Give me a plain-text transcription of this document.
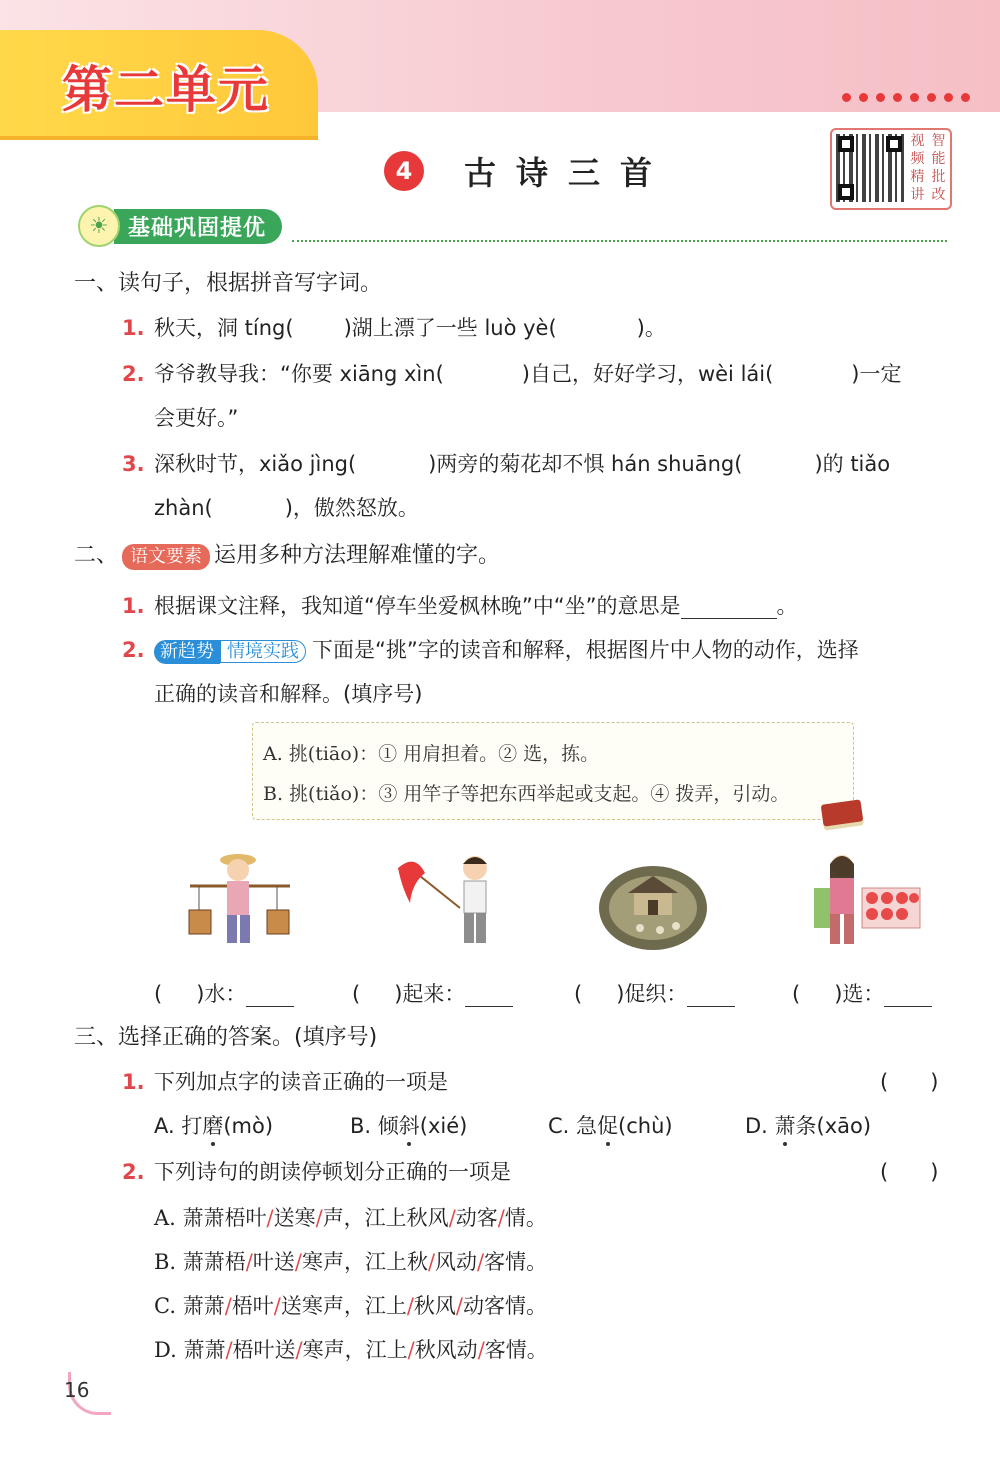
第二单元
4	古诗三首
视 智
频 能
精 批
讲 改
☀ 基础巩固提优
一、读句子，根据拼音写字词。
1. 秋天，洞 tíng( )湖上漂了一些 luò yè(	)。
2. 爷爷教导我：“你要 xiāng xìn(	)自己，好好学习，wèi lái(	)一定
会更好。”
3. 深秋时节，xiǎo jìng(	)两旁的菊花却不惧 hán shuāng(	)的 tiǎo
zhàn(	)，傲然怒放。
二、 语文要素 运用多种方法理解难懂的字。
1. 根据课文注释，我知道“停车坐爱枫林晚”中“坐”的意思是	。
2. 新趋势 情境实践 下面是“挑”字的读音和解释，根据图片中人物的动作，选择
正确的读音和解释。(填序号)
A. 挑(tiāo)：① 用肩担着。② 选，拣。
B. 挑(tiǎo)：③ 用竿子等把东西举起或支起。④ 拨弄，引动。
( )水：	( )起来：	( )促织：	( )选：
三、选择正确的答案。(填序号)
1. 下列加点字的读音正确的一项是	(　　)
A. 打磨(mò)	B. 倾斜(xié)	C. 急促(chù)	D. 萧条(xāo)
2. 下列诗句的朗读停顿划分正确的一项是	(　　)
A. 萧萧梧叶/送寒/声，江上秋风/动客/情。
B. 萧萧梧/叶送/寒声，江上秋/风动/客情。
C. 萧萧/梧叶/送寒声，江上/秋风/动客情。
D. 萧萧/梧叶送/寒声，江上/秋风动/客情。
16
